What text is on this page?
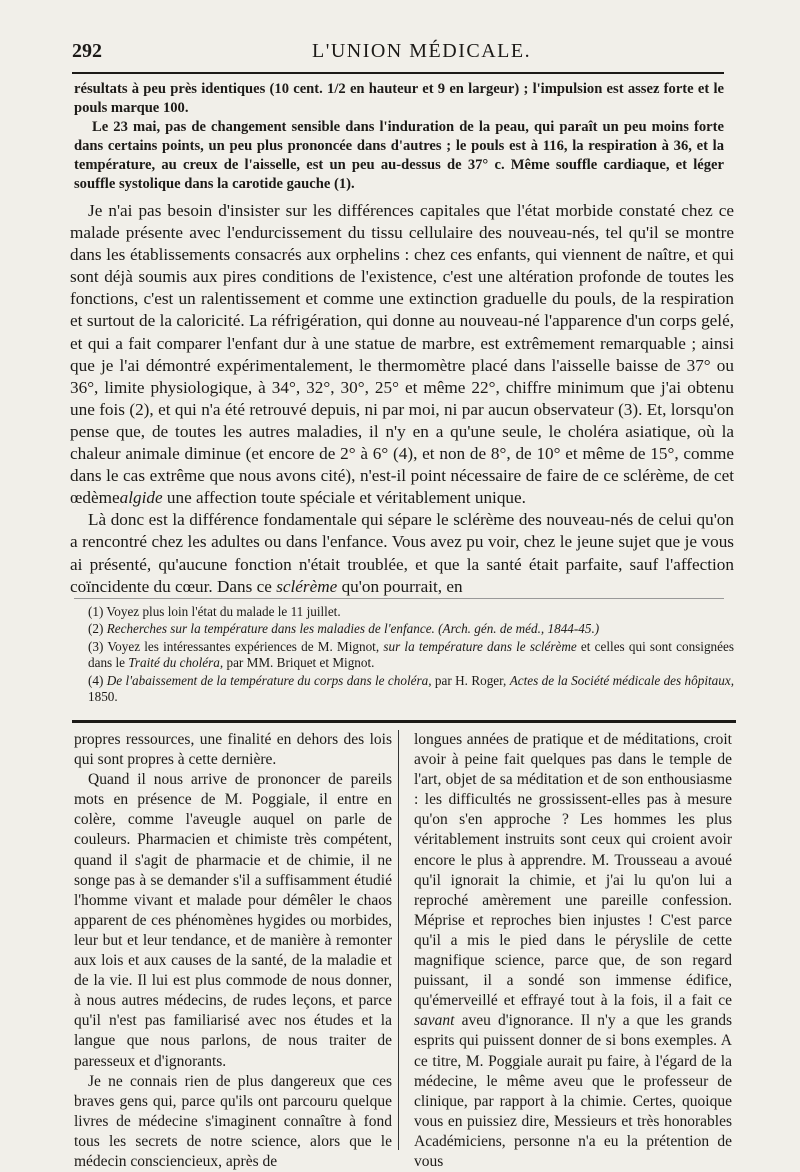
292	L'UNION MÉDICALE.

résultats à peu près identiques (10 cent. 1/2 en hauteur et 9 en largeur) ; l'impulsion est assez forte et le pouls marque 100.

Le 23 mai, pas de changement sensible dans l'induration de la peau, qui paraît un peu moins forte dans certains points, un peu plus prononcée dans d'autres ; le pouls est à 116, la respiration à 36, et la température, au creux de l'aisselle, est un peu au-dessus de 37° c. Même souffle cardiaque, et léger souffle systolique dans la carotide gauche (1).

Je n'ai pas besoin d'insister sur les différences capitales que l'état morbide constaté chez ce malade présente avec l'endurcissement du tissu cellulaire des nouveau-nés, tel qu'il se montre dans les établissements consacrés aux orphelins : chez ces enfants, qui viennent de naître, et qui sont déjà soumis aux pires conditions de l'existence, c'est une altération profonde de toutes les fonctions, c'est un ralentissement et comme une extinction graduelle du pouls, de la respiration et surtout de la caloricité. La réfrigération, qui donne au nouveau-né l'apparence d'un corps gelé, et qui a fait comparer l'enfant dur à une statue de marbre, est extrêmement remarquable ; ainsi que je l'ai démontré expérimentalement, le thermomètre placé dans l'aisselle baisse de 37° ou 36°, limite physiologique, à 34°, 32°, 30°, 25° et même 22°, chiffre minimum que j'ai obtenu une fois (2), et qui n'a été retrouvé depuis, ni par moi, ni par aucun observateur (3). Et, lorsqu'on pense que, de toutes les autres maladies, il n'y en a qu'une seule, le choléra asiatique, où la chaleur animale diminue (et encore de 2° à 6° (4), et non de 8°, de 10° et même de 15°, comme dans le cas extrême que nous avons cité), n'est-il point nécessaire de faire de ce sclérème, de cet œdèmealgide une affection toute spéciale et véritablement unique.

Là donc est la différence fondamentale qui sépare le sclérème des nouveau-nés de celui qu'on a rencontré chez les adultes ou dans l'enfance. Vous avez pu voir, chez le jeune sujet que je vous ai présenté, qu'aucune fonction n'était troublée, et que la santé était parfaite, sauf l'affection coïncidente du cœur. Dans ce sclérème qu'on pourrait, en

(1) Voyez plus loin l'état du malade le 11 juillet.

(2) Recherches sur la température dans les maladies de l'enfance. (Arch. gén. de méd., 1844-45.)

(3) Voyez les intéressantes expériences de M. Mignot, sur la température dans le sclérème et celles qui sont consignées dans le Traité du choléra, par MM. Briquet et Mignot.

(4) De l'abaissement de la température du corps dans le choléra, par H. Roger, Actes de la Société médicale des hôpitaux, 1850.

propres ressources, une finalité en dehors des lois qui sont propres à cette dernière.

Quand il nous arrive de prononcer de pareils mots en présence de M. Poggiale, il entre en colère, comme l'aveugle auquel on parle de couleurs. Pharmacien et chimiste très compétent, quand il s'agit de pharmacie et de chimie, il ne songe pas à se demander s'il a suffisamment étudié l'homme vivant et malade pour démêler le chaos apparent de ces phénomènes hygides ou morbides, leur but et leur tendance, et de manière à remonter aux lois et aux causes de la santé, de la maladie et de la vie. Il lui est plus commode de nous donner, à nous autres médecins, de rudes leçons, et parce qu'il n'est pas familiarisé avec nos études et la langue que nous parlons, de nous traiter de paresseux et d'ignorants.

Je ne connais rien de plus dangereux que ces braves gens qui, parce qu'ils ont parcouru quelque livres de médecine s'imaginent connaître à fond tous les secrets de notre science, alors que le médecin consciencieux, après de

longues années de pratique et de méditations, croit avoir à peine fait quelques pas dans le temple de l'art, objet de sa méditation et de son enthousiasme : les difficultés ne grossissent-elles pas à mesure qu'on s'en approche ? Les hommes les plus véritablement instruits sont ceux qui croient avoir encore le plus à apprendre. M. Trousseau a avoué qu'il ignorait la chimie, et j'ai lu qu'on lui a reproché amèrement une pareille confession. Méprise et reproches bien injustes ! C'est parce qu'il a mis le pied dans le péryslile de cette magnifique science, parce que, de son regard puissant, il a sondé son immense édifice, qu'émerveillé et effrayé tout à la fois, il a fait ce savant aveu d'ignorance. Il n'y a que les grands esprits qui puissent donner de si bons exemples. A ce titre, M. Poggiale aurait pu faire, à l'égard de la médecine, le même aveu que le professeur de clinique, par rapport à la chimie. Certes, quoique vous en puissiez dire, Messieurs et très honorables Académiciens, personne n'a eu la prétention de vous
